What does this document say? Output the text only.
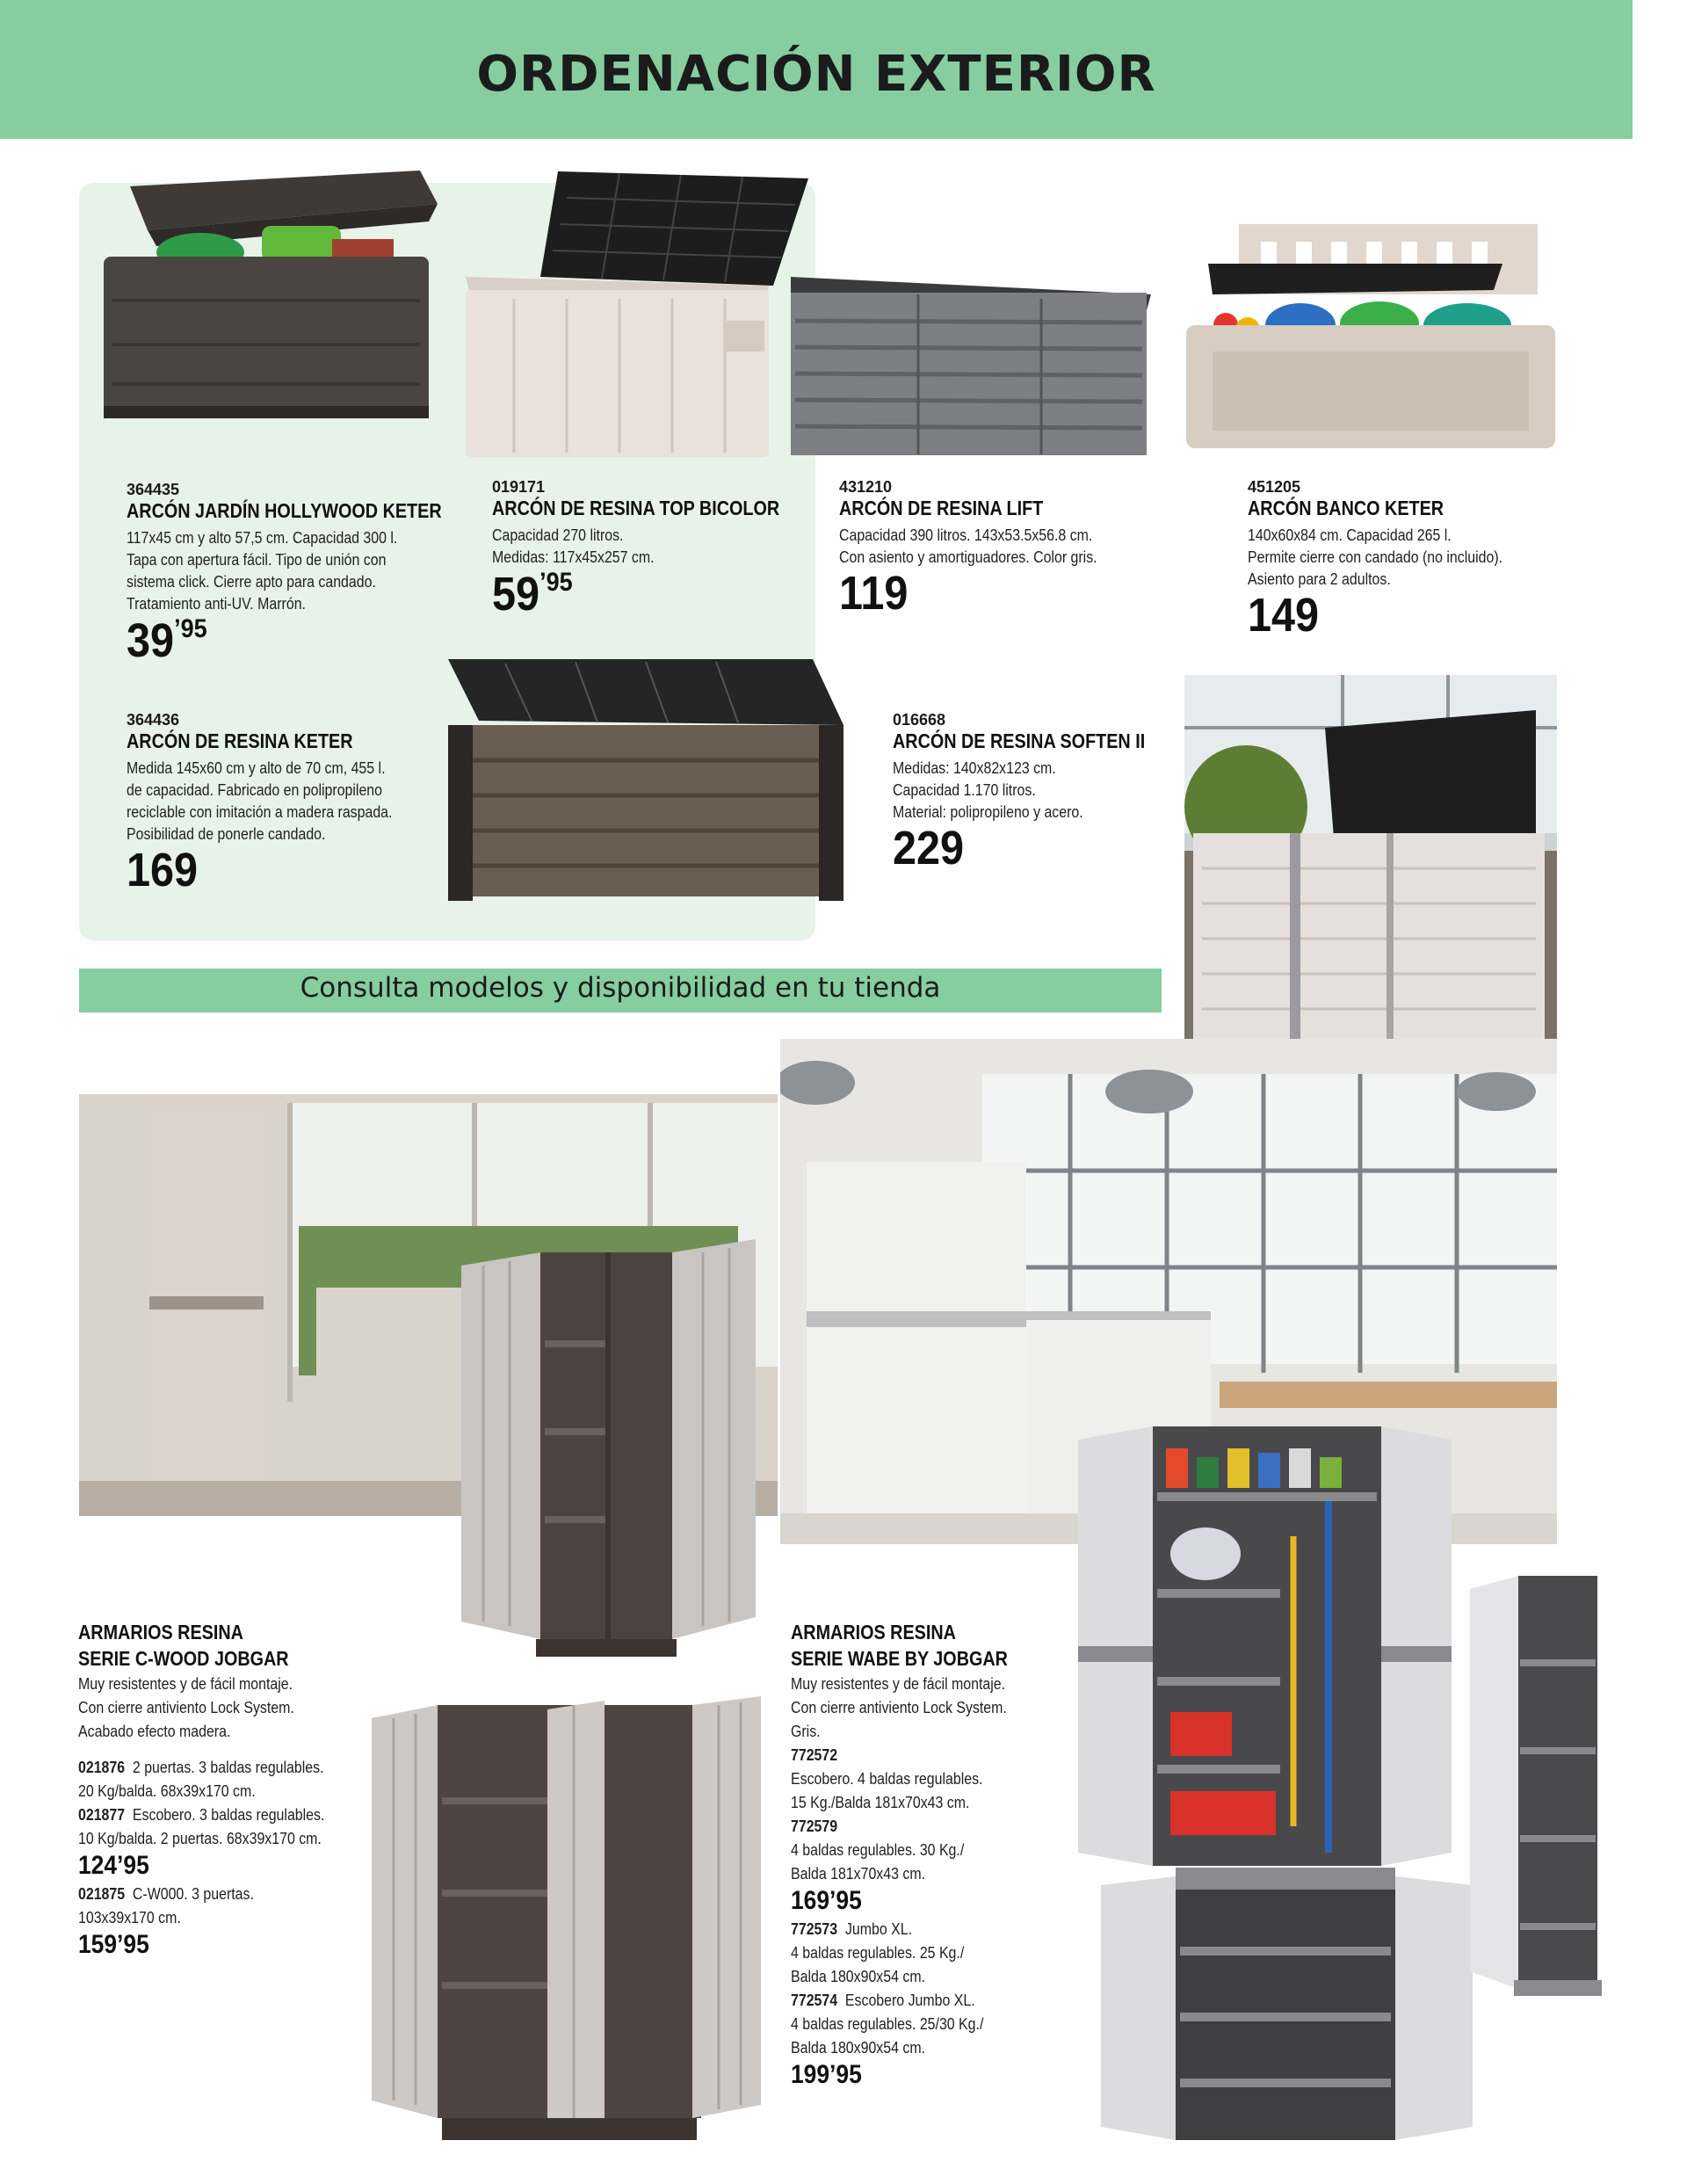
ORDENACIÓN EXTERIOR
364435
ARCÓN JARDÍN HOLLYWOOD KETER
117x45 cm y alto 57,5 cm. Capacidad 300 l.
Tapa con apertura fácil. Tipo de unión con
sistema click. Cierre apto para candado.
Tratamiento anti-UV. Marrón.
$39^{’95}$
019171
ARCÓN DE RESINA TOP BICOLOR
Capacidad 270 litros.
Medidas: 117x45x257 cm.
$59^{’95}$
431210
ARCÓN DE RESINA LIFT
Capacidad 390 litros. 143x53.5x56.8 cm.
Con asiento y amortiguadores. Color gris.
119
451205
ARCÓN BANCO KETER
140x60x84 cm. Capacidad 265 l.
Permite cierre con candado (no incluido).
Asiento para 2 adultos.
149
364436
ARCÓN DE RESINA KETER
Medida 145x60 cm y alto de 70 cm, 455 l.
de capacidad. Fabricado en polipropileno
reciclable con imitación a madera raspada.
Posibilidad de ponerle candado.
169
016668
ARCÓN DE RESINA SOFTEN II
Medidas: 140x82x123 cm.
Capacidad 1.170 litros.
Material: polipropileno y acero.
229
Consulta modelos y disponibilidad en tu tienda
ARMARIOS RESINA
SERIE C-WOOD JOBGAR
Muy resistentes y de fácil montaje.
Con cierre antiviento Lock System.
Acabado efecto madera.
021876 2 puertas. 3 baldas regulables.
20 Kg/balda. 68x39x170 cm.
021877 Escobero. 3 baldas regulables.
10 Kg/balda. 2 puertas. 68x39x170 cm.
124’95
021875 C-W000. 3 puertas.
103x39x170 cm.
159’95
ARMARIOS RESINA
SERIE WABE BY JOBGAR
Muy resistentes y de fácil montaje.
Con cierre antiviento Lock System.
Gris.
772572
Escobero. 4 baldas regulables.
15 Kg./Balda 181x70x43 cm.
772579
4 baldas regulables. 30 Kg./
Balda 181x70x43 cm.
169’95
772573 Jumbo XL.
4 baldas regulables. 25 Kg./
Balda 180x90x54 cm.
772574 Escobero Jumbo XL.
4 baldas regulables. 25/30 Kg./
Balda 180x90x54 cm.
199’95
